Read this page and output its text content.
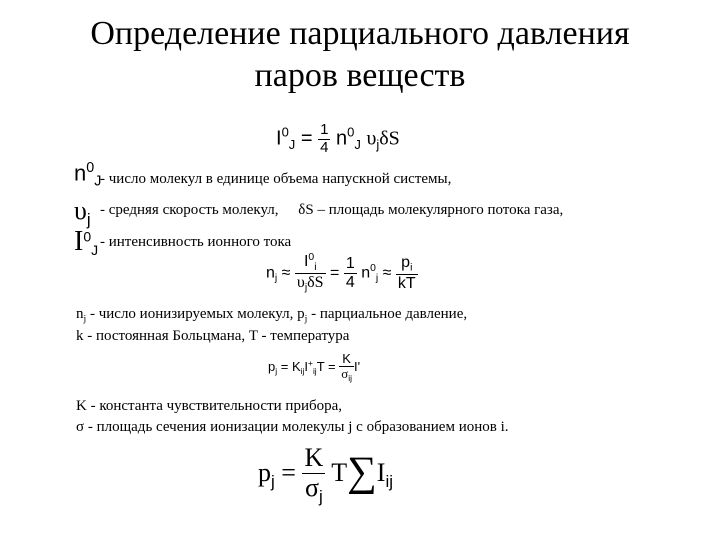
Определение парциального давления
паров веществ
$I^0_J = \frac{1}{4} n^0_J$ $\upsilon_j\delta S$
$n^0_J$
- число молекул в единице объема напускной системы,
$\upsilon_j$ - средняя скорость молекул, δS – площадь молекулярного потока газа,
$I^0_J$ - интенсивность ионного тока
$n_j \approx \frac{I^0_i}{\upsilon_j\delta S} = \frac{1}{4} n^0_j \approx \frac{p_i}{kT}$
$n_j$ - число ионизируемых молекул, $p_j$ - парциальное давление,
k - постоянная Больцмана, T - температура
$p_j = K_{ij}I^+_{ij}T = \frac{K}{\sigma_{ij}} I'$
K - константа чувствительности прибора,
σ - площадь сечения ионизации молекулы j с образованием ионов i.
$p_j = \frac{K}{\sigma_j} T\sum I_{ij}$
